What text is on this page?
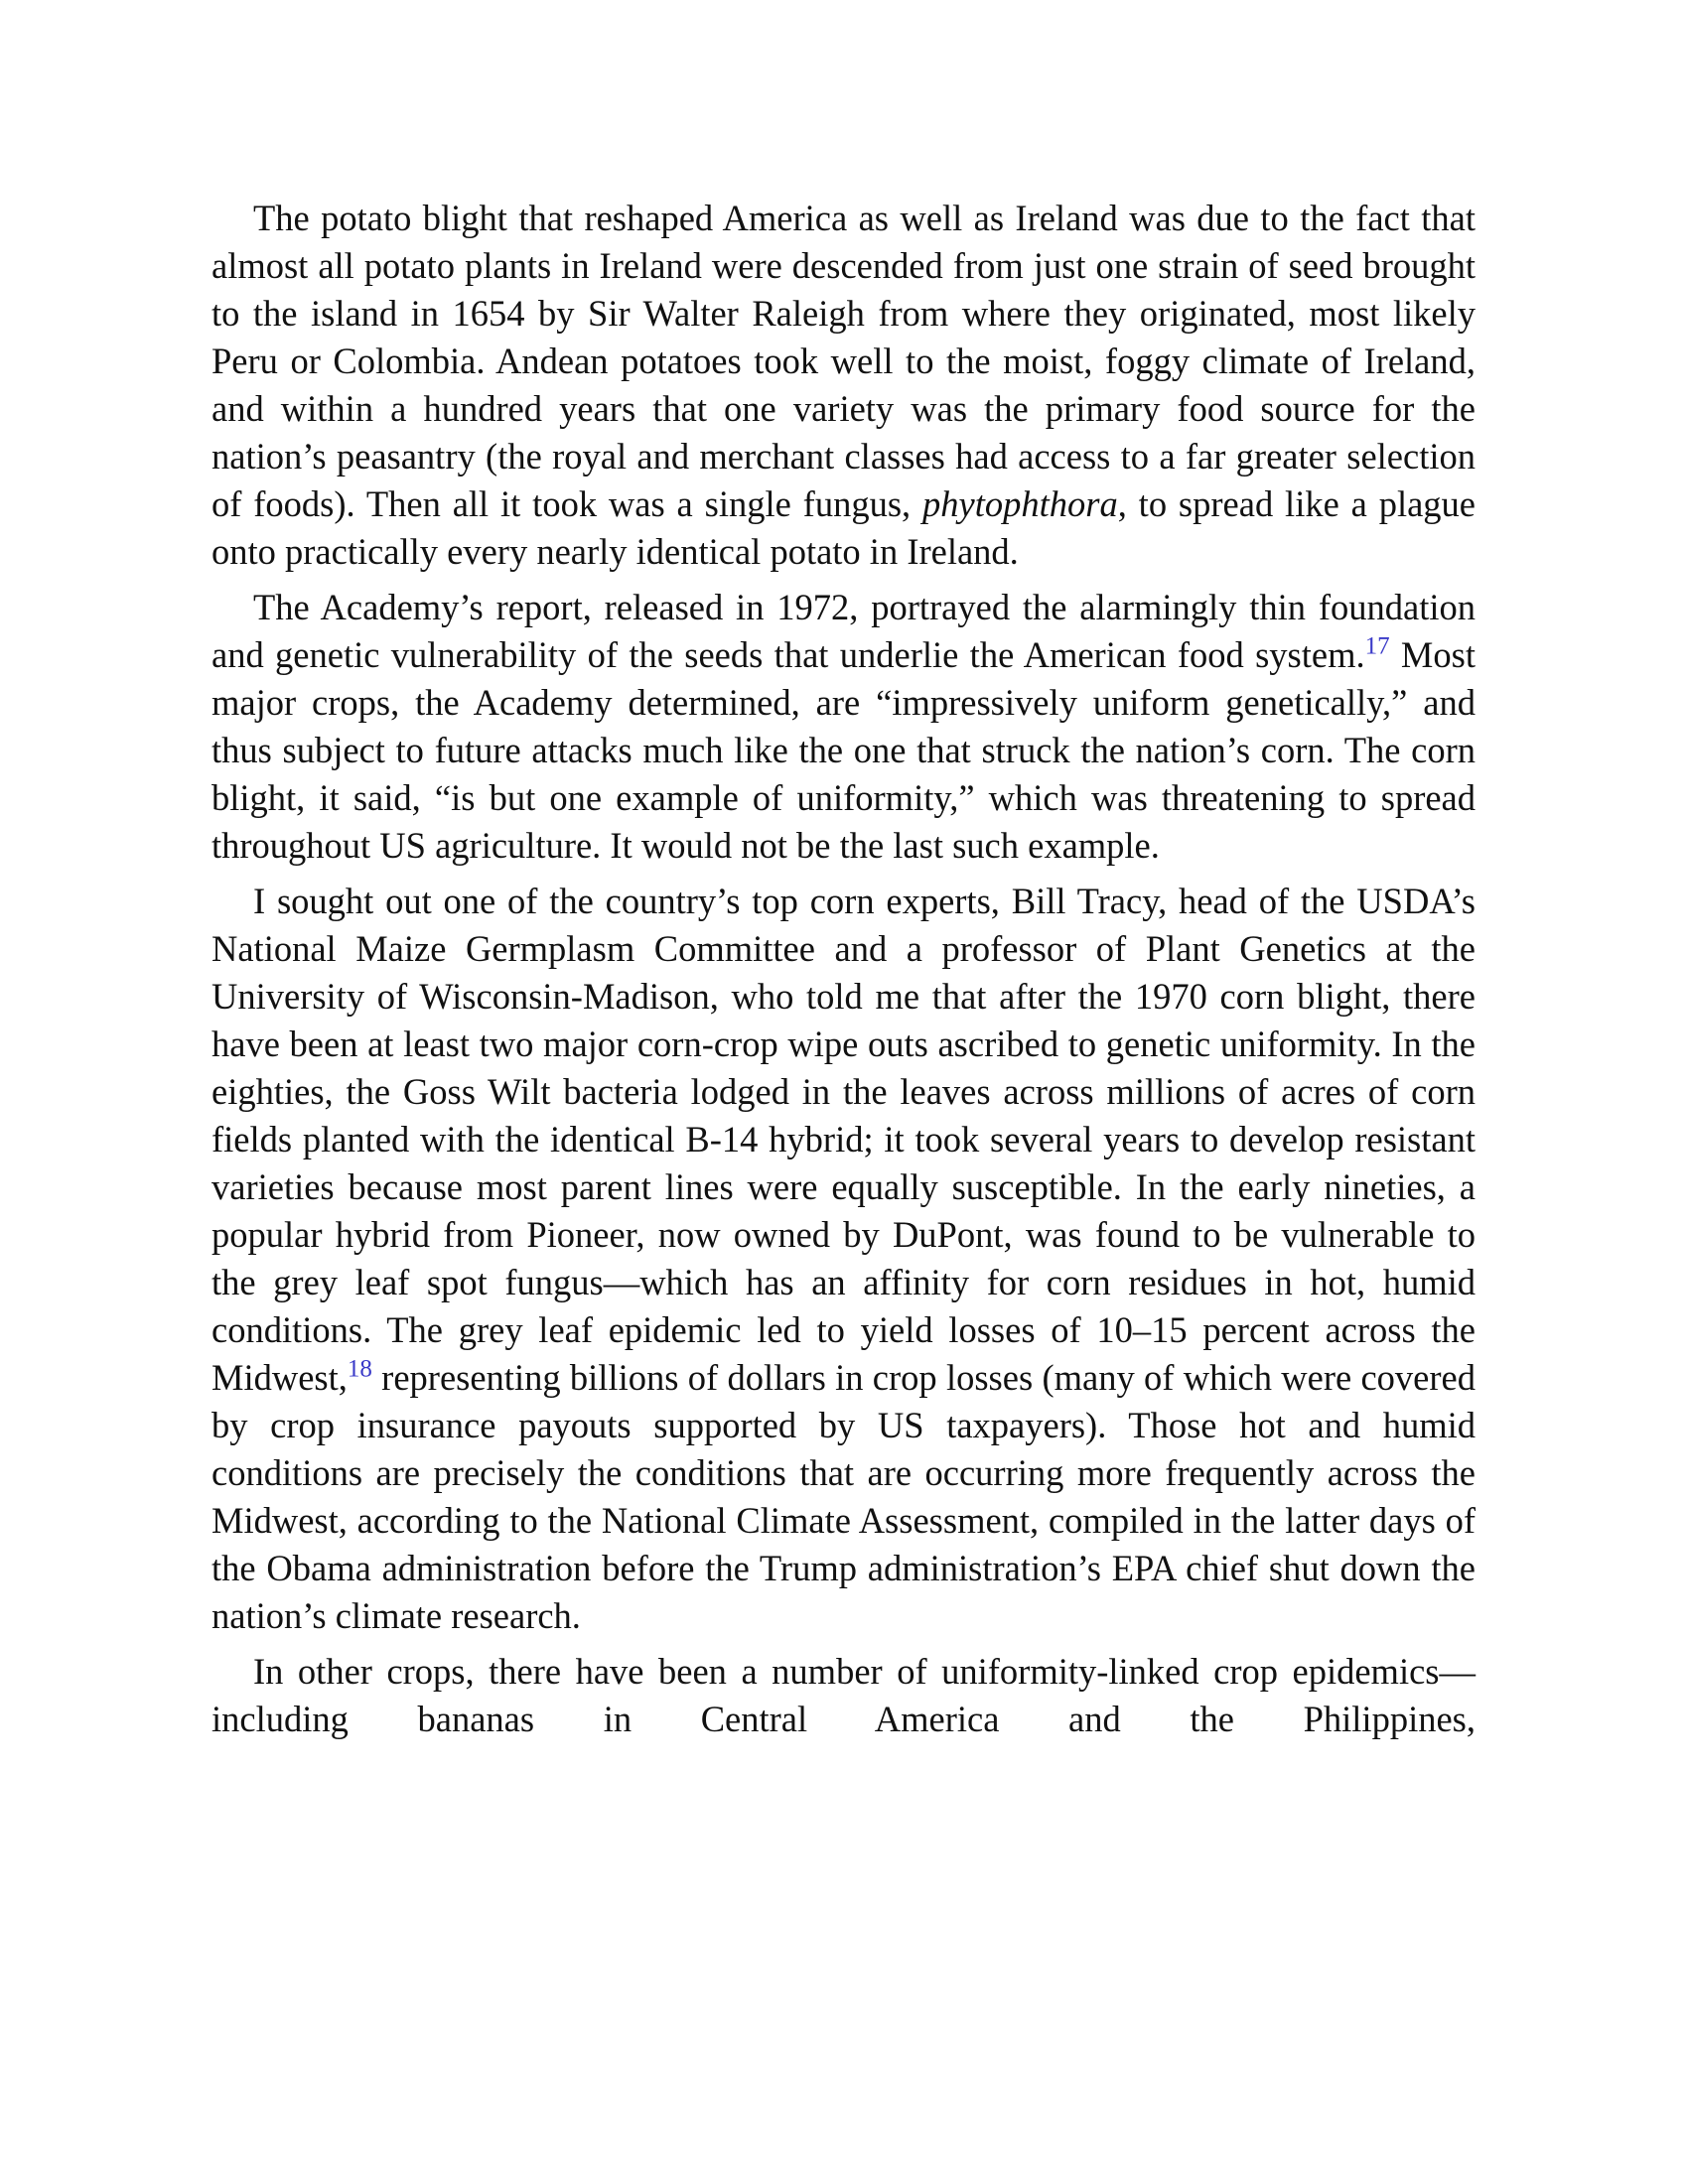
The potato blight that reshaped America as well as Ireland was due to the fact that almost all potato plants in Ireland were descended from just one strain of seed brought to the island in 1654 by Sir Walter Raleigh from where they originated, most likely Peru or Colombia. Andean potatoes took well to the moist, foggy climate of Ireland, and within a hundred years that one variety was the primary food source for the nation’s peasantry (the royal and merchant classes had access to a far greater selection of foods). Then all it took was a single fungus, phytophthora, to spread like a plague onto practically every nearly identical potato in Ireland.

The Academy’s report, released in 1972, portrayed the alarmingly thin foundation and genetic vulnerability of the seeds that underlie the American food system.$^{17}$ Most major crops, the Academy determined, are “impressively uniform genetically,” and thus subject to future attacks much like the one that struck the nation’s corn. The corn blight, it said, “is but one example of uniformity,” which was threatening to spread throughout US agriculture. It would not be the last such example.

I sought out one of the country’s top corn experts, Bill Tracy, head of the USDA’s National Maize Germplasm Committee and a professor of Plant Genetics at the University of Wisconsin-Madison, who told me that after the 1970 corn blight, there have been at least two major corn-crop wipe outs ascribed to genetic uniformity. In the eighties, the Goss Wilt bacteria lodged in the leaves across millions of acres of corn fields planted with the identical B-14 hybrid; it took several years to develop resistant varieties because most parent lines were equally susceptible. In the early nineties, a popular hybrid from Pioneer, now owned by DuPont, was found to be vulnerable to the grey leaf spot fungus—which has an affinity for corn residues in hot, humid conditions. The grey leaf epidemic led to yield losses of 10–15 percent across the Midwest,$^{18}$ representing billions of dollars in crop losses (many of which were covered by crop insurance payouts supported by US taxpayers). Those hot and humid conditions are precisely the conditions that are occurring more frequently across the Midwest, according to the National Climate Assessment, compiled in the latter days of the Obama administration before the Trump administration’s EPA chief shut down the nation’s climate research.

In other crops, there have been a number of uniformity-linked crop epidemics—including bananas in Central America and the Philippines,
